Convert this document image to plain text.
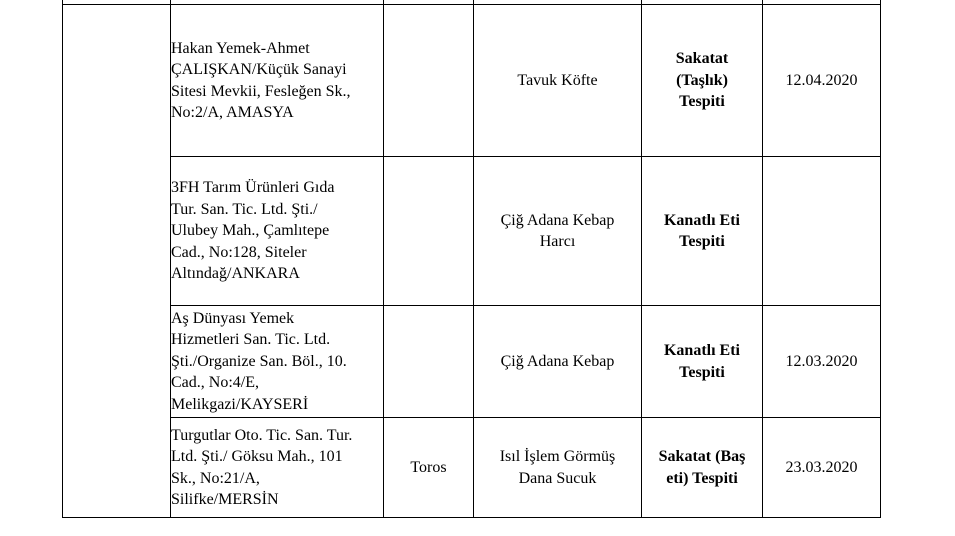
	Hakan Yemek-Ahmet
ÇALIŞKAN/Küçük Sanayi
Sitesi Mevkii, Fesleğen Sk.,
No:2/A, AMASYA		Tavuk Köfte	Sakatat
(Taşlık)
Tespiti	12.04.2020

	3FH Tarım Ürünleri Gıda
Tur. San. Tic. Ltd. Şti./
Ulubey Mah., Çamlıtepe
Cad., No:128, Siteler
Altındağ/ANKARA		Çiğ Adana Kebap
Harcı	Kanatlı Eti
Tespiti	

	Aş Dünyası Yemek
Hizmetleri San. Tic. Ltd.
Şti./Organize San. Böl., 10.
Cad., No:4/E,
Melikgazi/KAYSERİ		Çiğ Adana Kebap	Kanatlı Eti
Tespiti	12.03.2020

	Turgutlar Oto. Tic. San. Tur.
Ltd. Şti./ Göksu Mah., 101
Sk., No:21/A,
Silifke/MERSİN	Toros	Isıl İşlem Görmüş
Dana Sucuk	Sakatat (Baş
eti) Tespiti	23.03.2020
